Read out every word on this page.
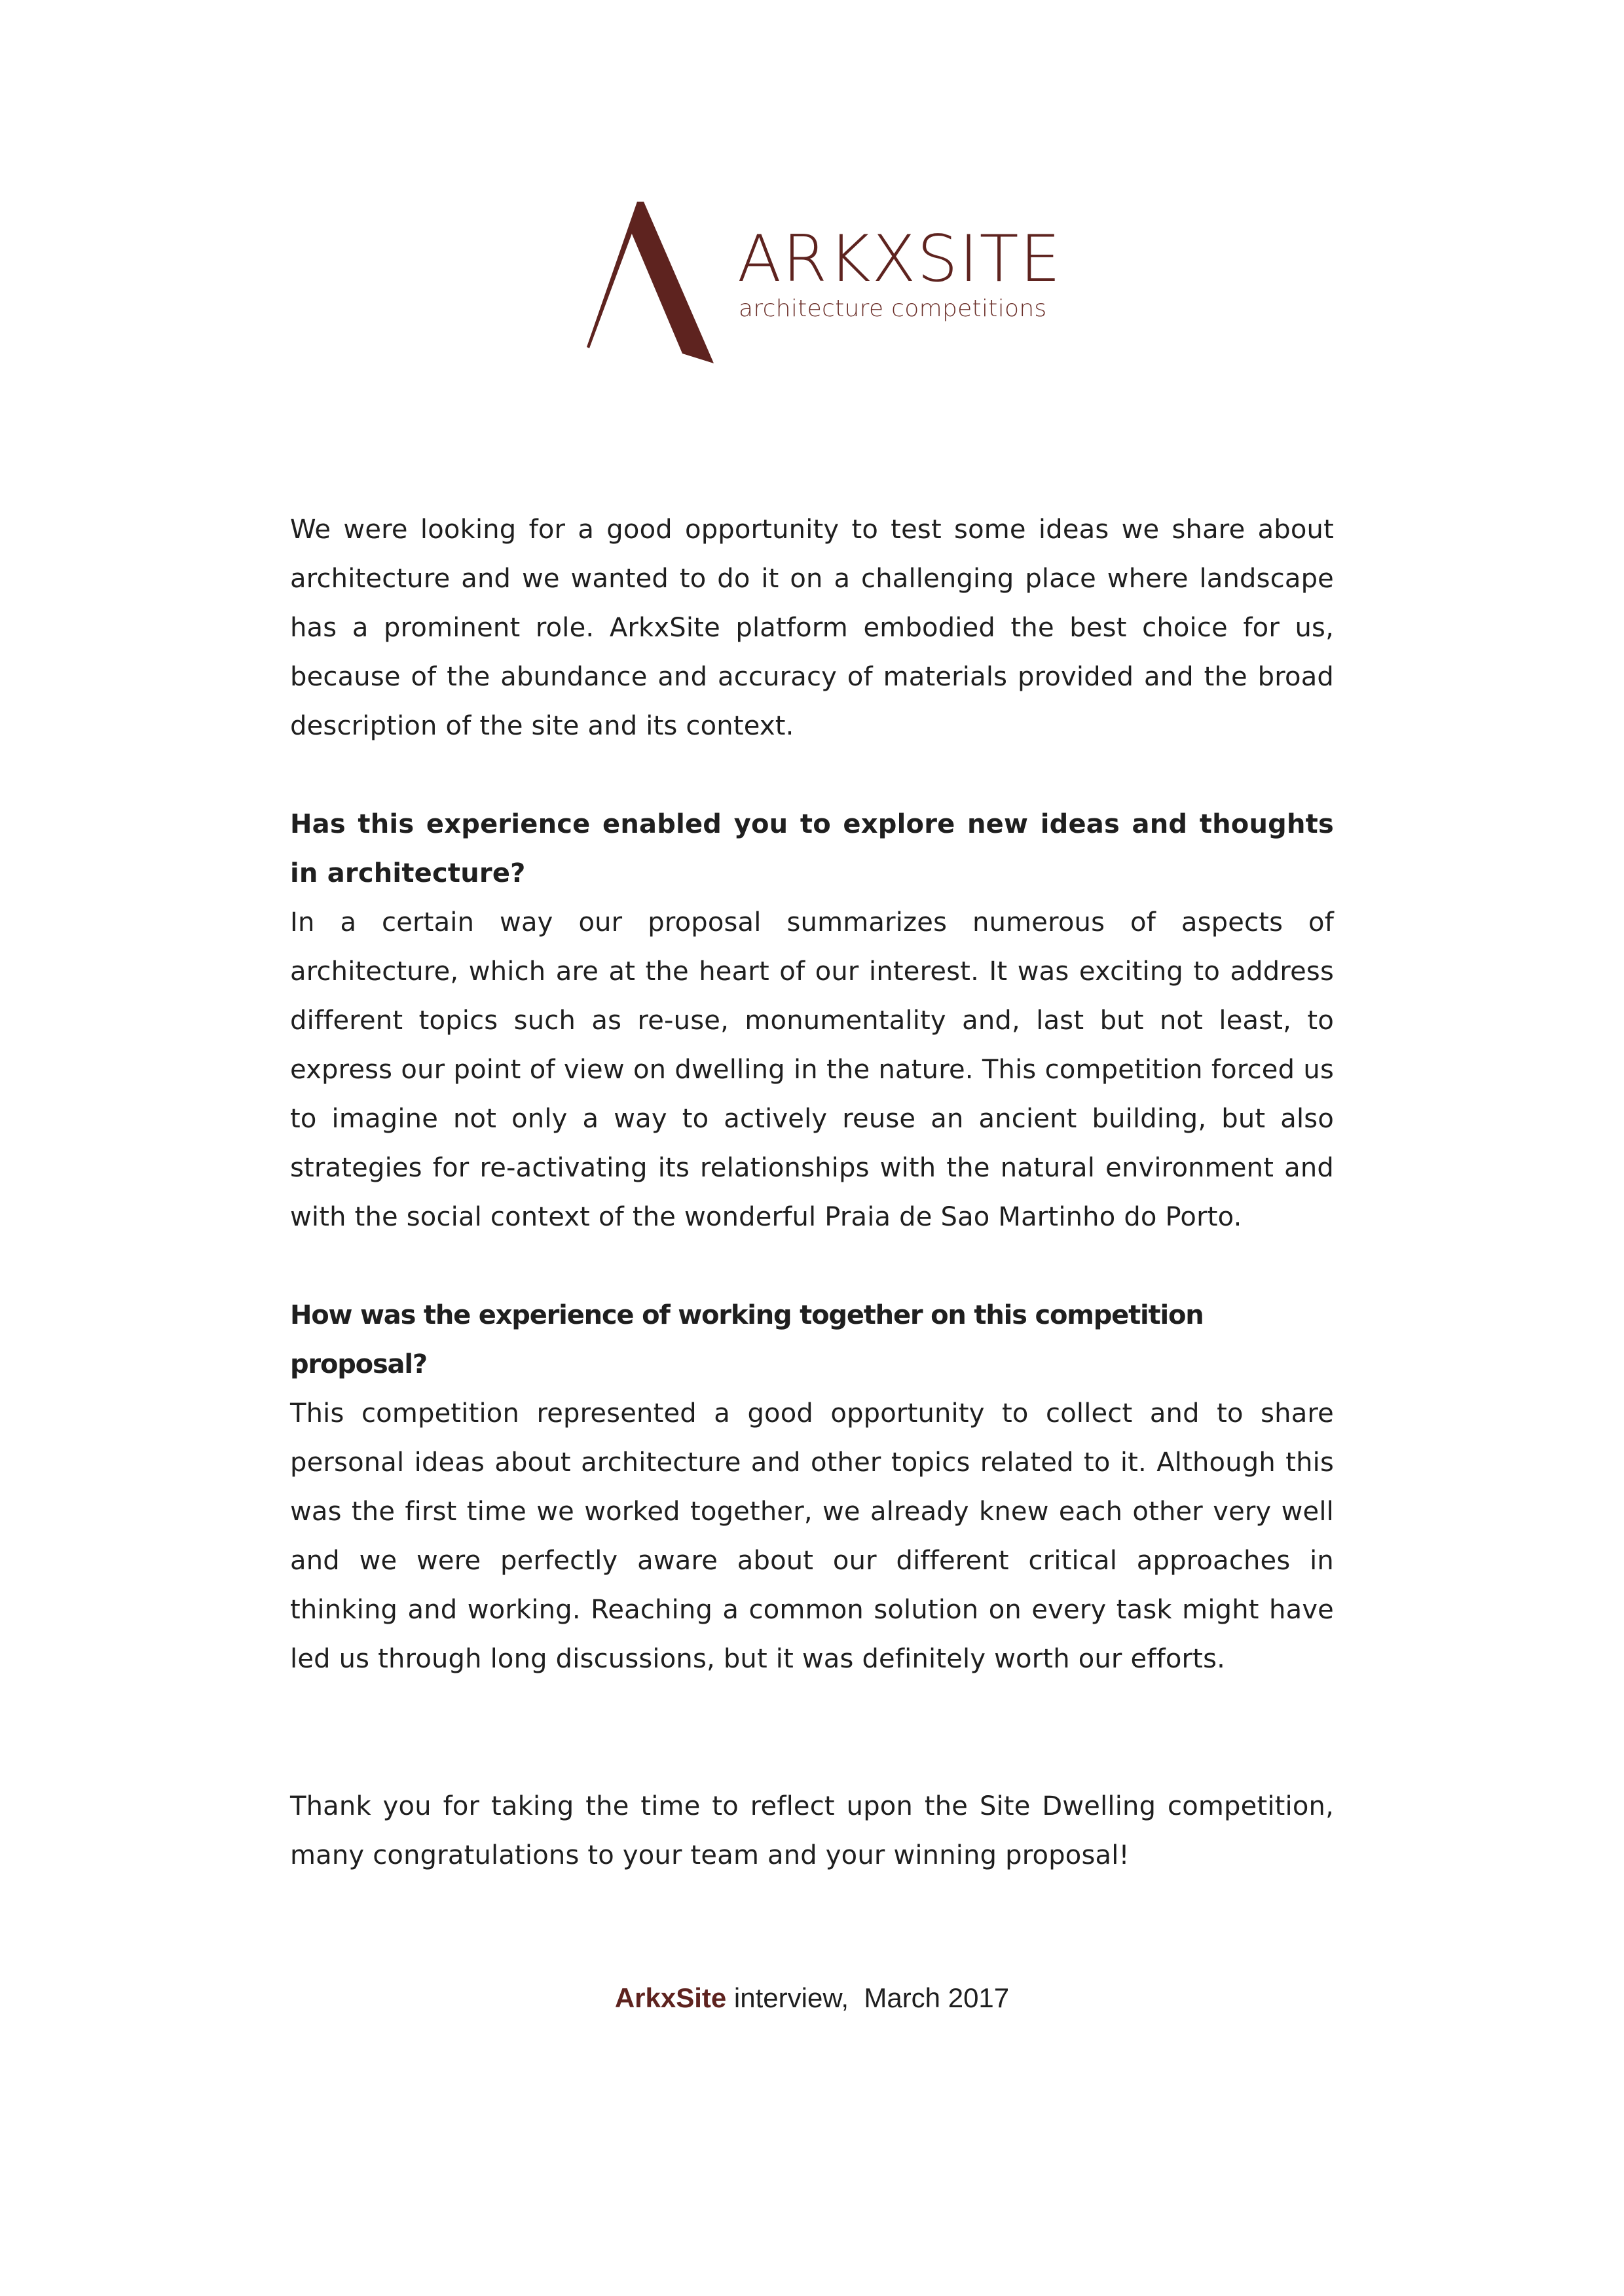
ARKXSITE
architecture competitions

We were looking for a good opportunity to test some ideas we share about architecture and we wanted to do it on a challenging place where landscape has a prominent role. ArkxSite platform embodied the best choice for us, because of the abundance and accuracy of materials provided and the broad description of the site and its context.

Has this experience enabled you to explore new ideas and thoughts in architecture?

In a certain way our proposal summarizes numerous of aspects of architecture, which are at the heart of our interest. It was exciting to address different topics such as re-use, monumentality and, last but not least, to express our point of view on dwelling in the nature. This competition forced us to imagine not only a way to actively reuse an ancient building, but also strategies for re-activating its relationships with the natural environment and with the social context of the wonderful Praia de Sao Martinho do Porto.

How was the experience of working together on this competition proposal?

This competition represented a good opportunity to collect and to share personal ideas about architecture and other topics related to it. Although this was the first time we worked together, we already knew each other very well and we were perfectly aware about our different critical approaches in thinking and working. Reaching a common solution on every task might have led us through long discussions, but it was definitely worth our efforts.

Thank you for taking the time to reflect upon the Site Dwelling competition, many congratulations to your team and your winning proposal!

ArkxSite interview,  March 2017
